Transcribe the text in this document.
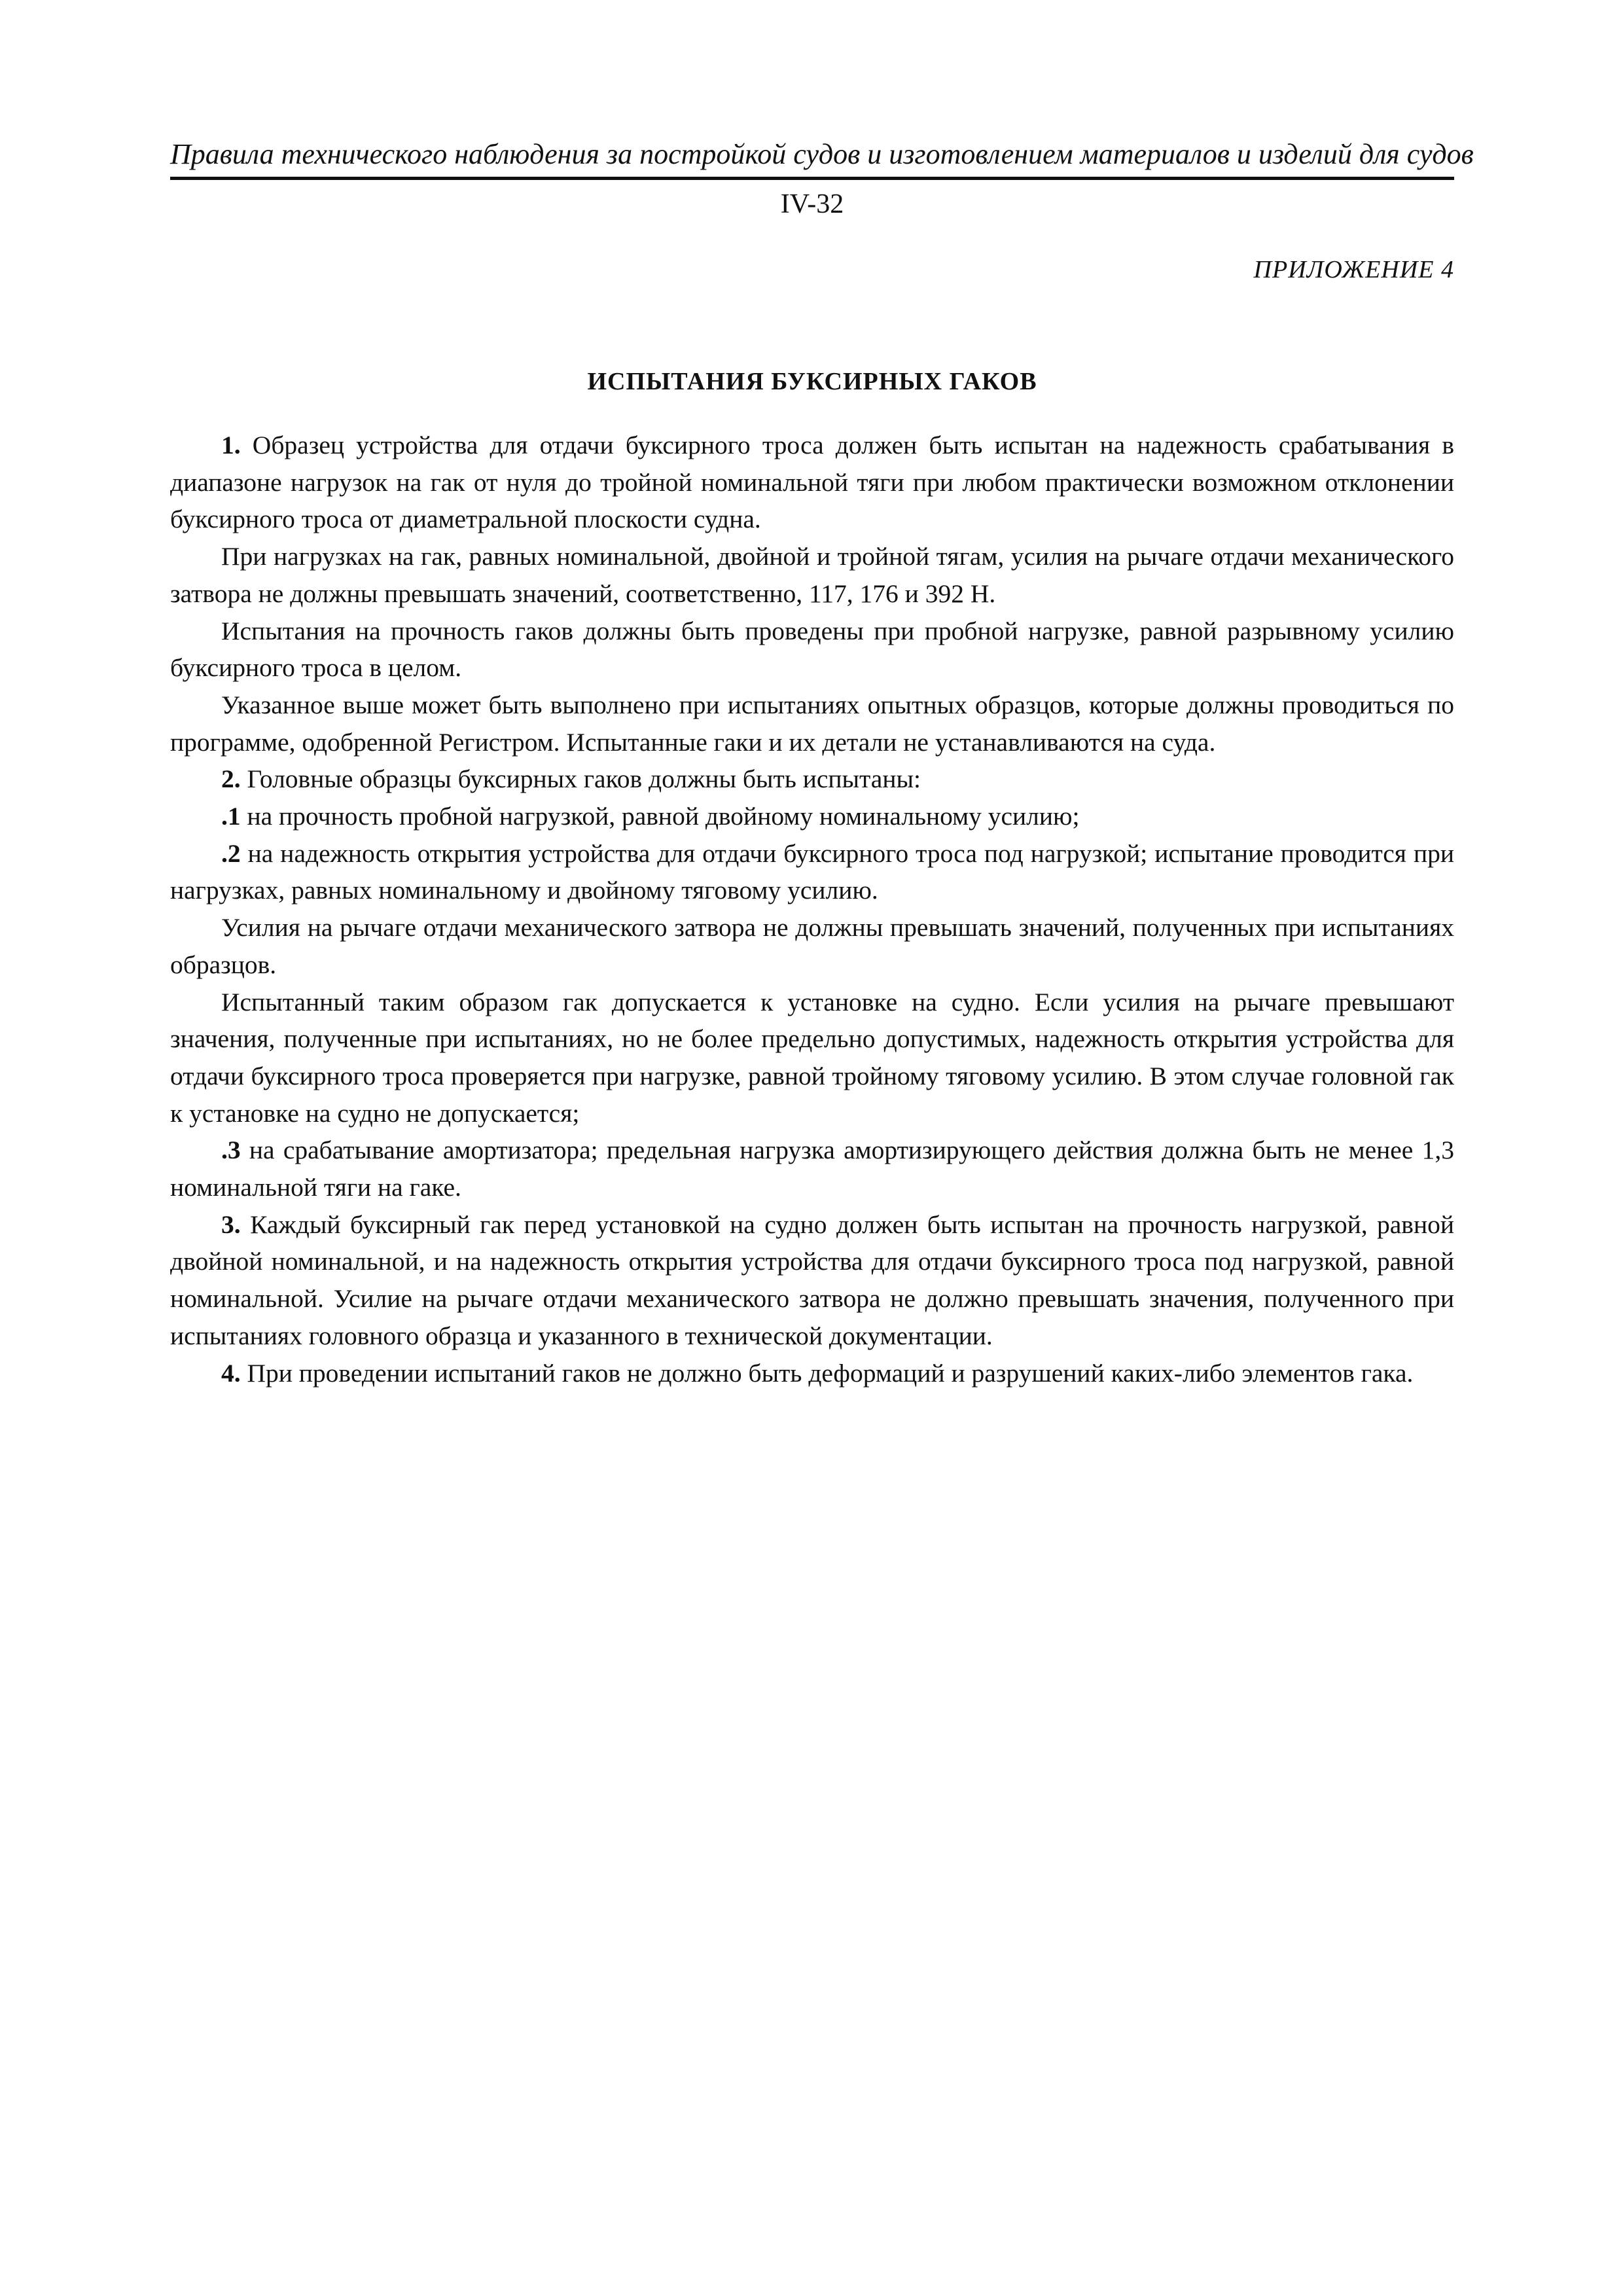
Правила технического наблюдения за постройкой судов и изготовлением материалов и изделий для судов
IV-32
ПРИЛОЖЕНИЕ 4
ИСПЫТАНИЯ БУКСИРНЫХ ГАКОВ

1. Образец устройства для отдачи буксирного троса должен быть испытан на надежность срабатывания в диапазоне нагрузок на гак от нуля до тройной номинальной тяги при любом практически возможном отклонении буксирного троса от диаметральной плоскости судна.

При нагрузках на гак, равных номинальной, двойной и тройной тягам, усилия на рычаге отдачи механического затвора не должны превышать значений, соответственно, 117, 176 и 392 Н.

Испытания на прочность гаков должны быть проведены при пробной нагрузке, равной разрывному усилию буксирного троса в целом.

Указанное выше может быть выполнено при испытаниях опытных образцов, которые должны проводиться по программе, одобренной Регистром. Испытанные гаки и их детали не устанавливаются на суда.

2. Головные образцы буксирных гаков должны быть испытаны:

.1 на прочность пробной нагрузкой, равной двойному номинальному усилию;

.2 на надежность открытия устройства для отдачи буксирного троса под нагрузкой; испытание проводится при нагрузках, равных номинальному и двойному тяговому усилию.

Усилия на рычаге отдачи механического затвора не должны превышать значений, полученных при испытаниях образцов.

Испытанный таким образом гак допускается к установке на судно. Если усилия на рычаге превышают значения, полученные при испытаниях, но не более предельно допустимых, надежность открытия устройства для отдачи буксирного троса проверяется при нагрузке, равной тройному тяговому усилию. В этом случае головной гак к установке на судно не допускается;

.3 на срабатывание амортизатора; предельная нагрузка амортизирующего действия должна быть не менее 1,3 номинальной тяги на гаке.

3. Каждый буксирный гак перед установкой на судно должен быть испытан на прочность нагрузкой, равной двойной номинальной, и на надежность открытия устройства для отдачи буксирного троса под нагрузкой, равной номинальной. Усилие на рычаге отдачи механического затвора не должно превышать значения, полученного при испытаниях головного образца и указанного в технической документации.

4. При проведении испытаний гаков не должно быть деформаций и разрушений каких-либо элементов гака.
